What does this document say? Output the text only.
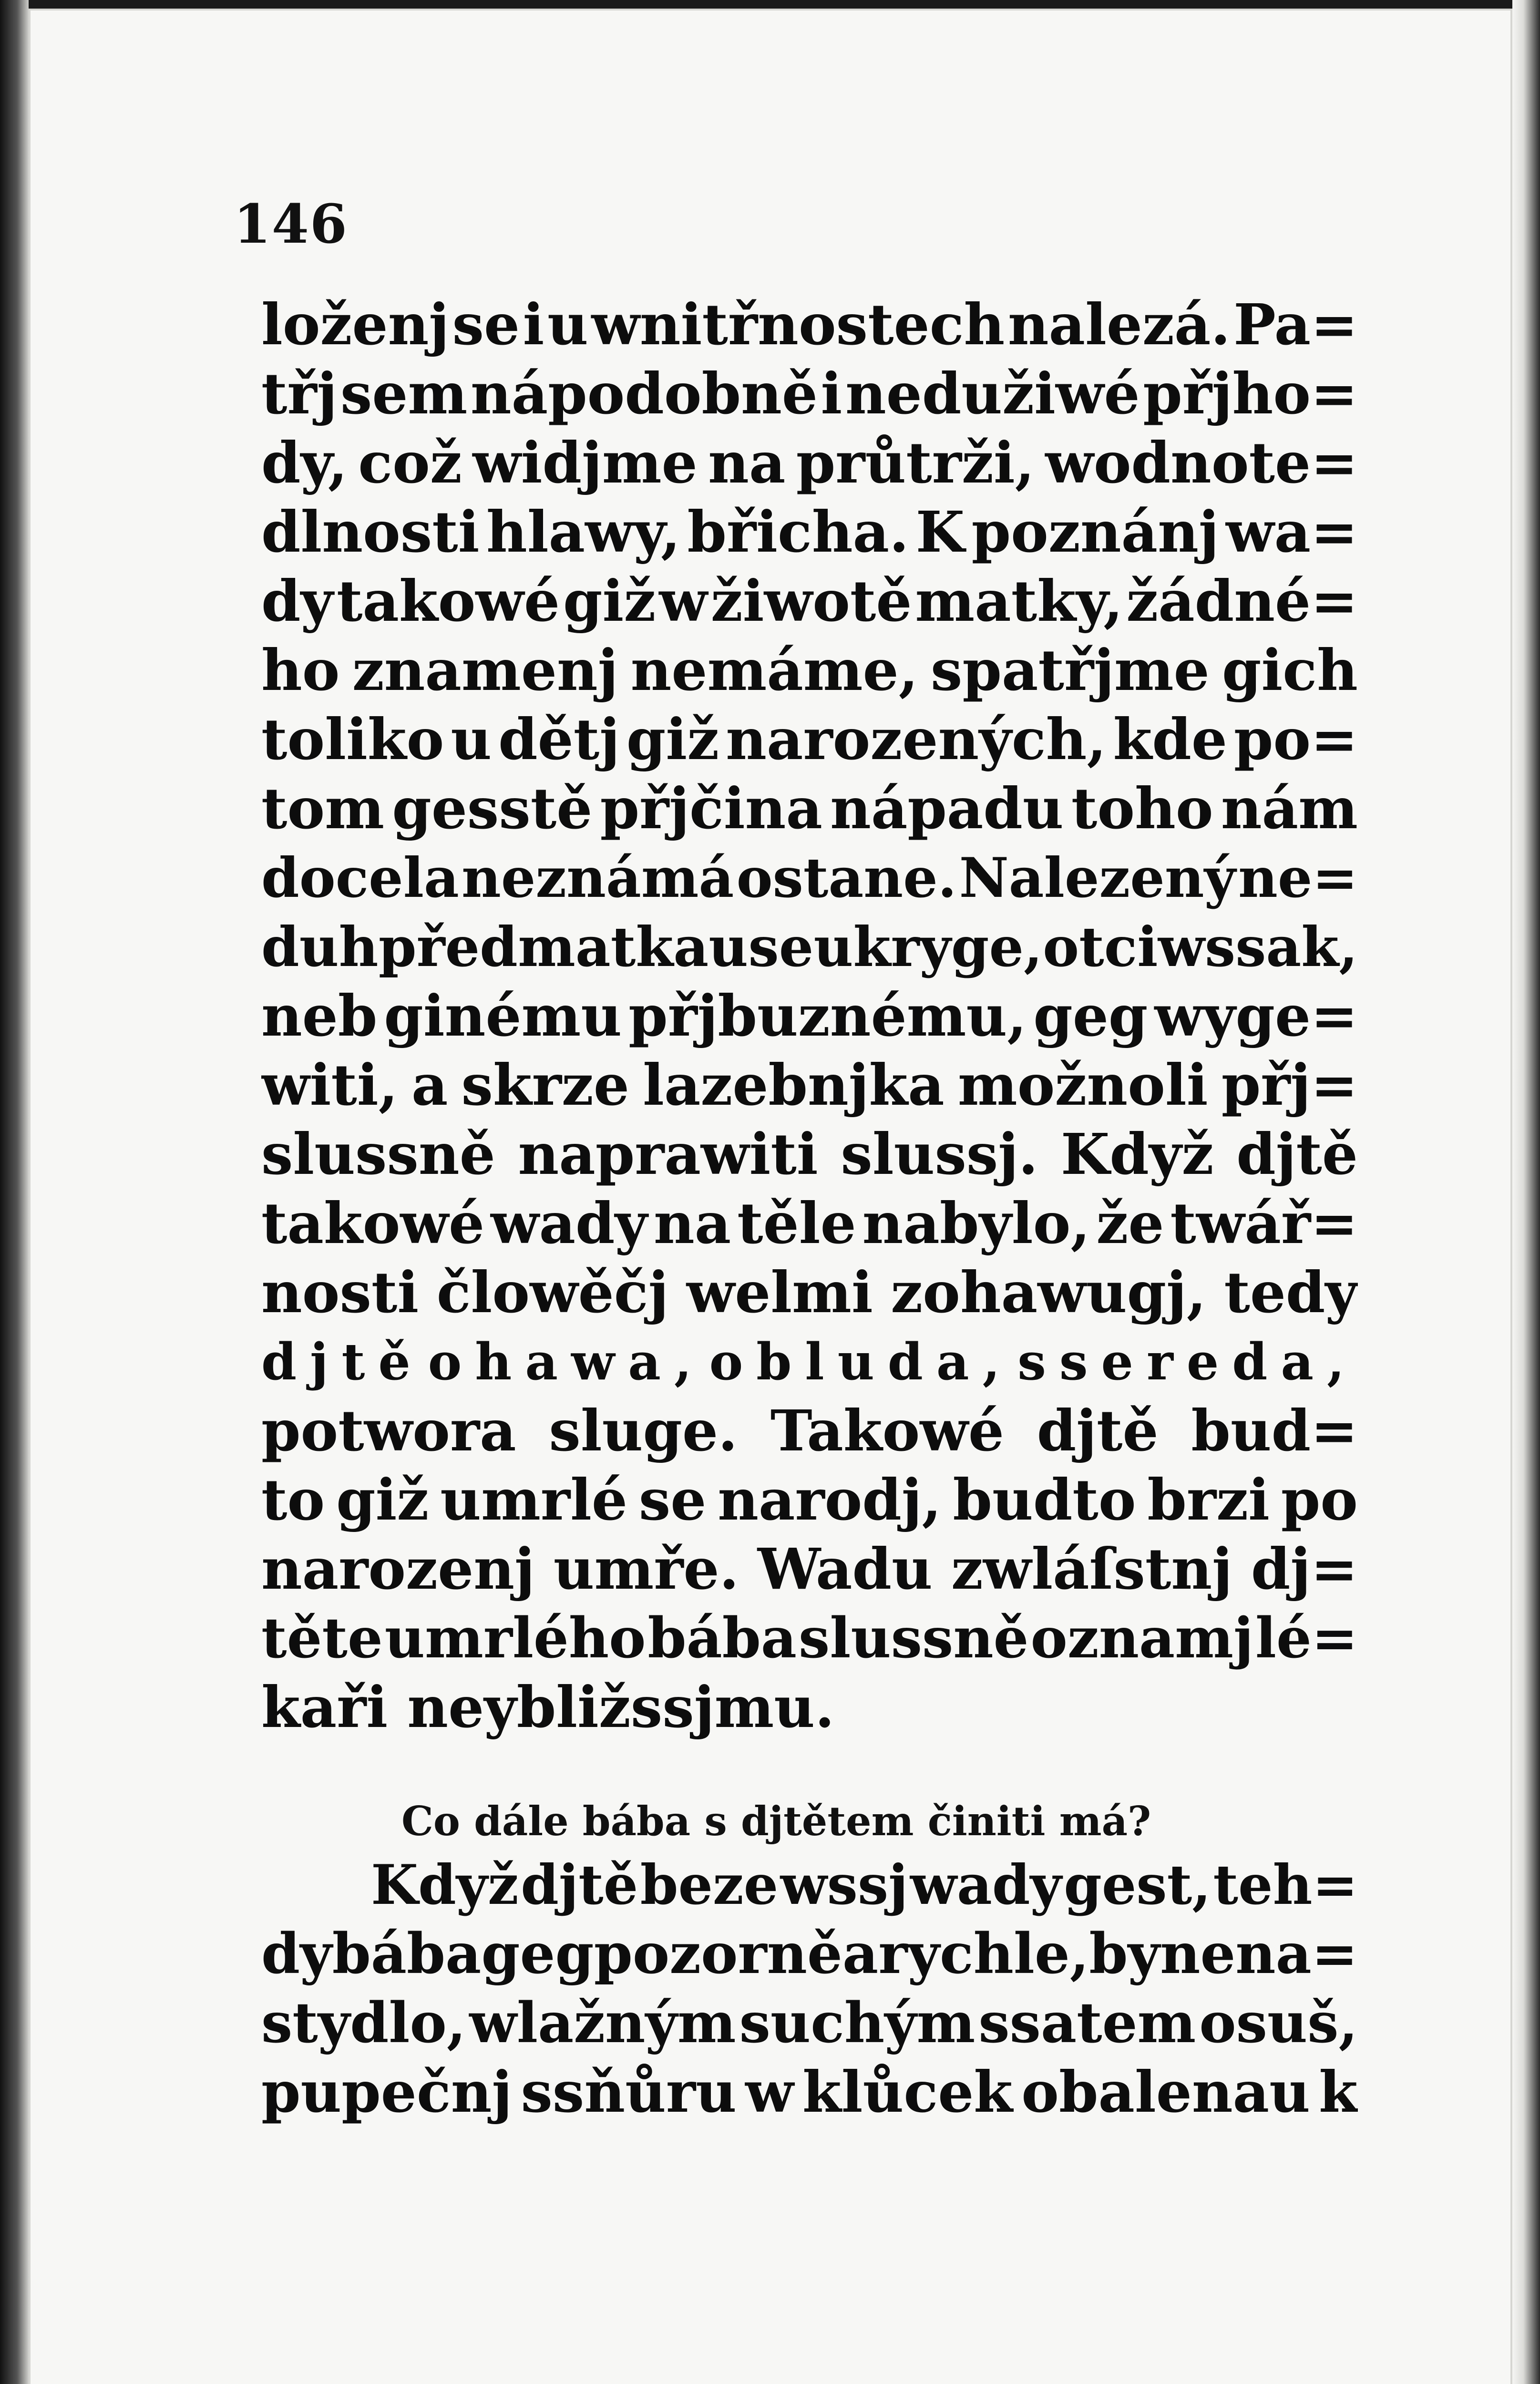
146
loženj se i u wnitřnostech nalezá. Pa=
třj sem nápodobně i nedužiwé přjho=
dy, což widjme na průtrži, wodnote=
dlnosti hlawy, břicha. K poznánj wa=
dy takowé giž w žiwotě matky, žádné=
ho znamenj nemáme, spatřjme gich
toliko u dětj giž narozených, kde po=
tom gesstě přjčina nápadu toho nám
docela neznámá ostane. Nalezený ne=
duh před matkau se ukryge, otci wssak,
neb ginému přjbuznému, geg wyge=
witi, a skrze lazebnjka možnoli přj=
slussně naprawiti slussj. Když djtě
takowé wady na těle nabylo, že twář=
nosti člowěčj welmi zohawugj, tedy
djtě ohawa, obluda, ssereda,
potwora sluge. Takowé djtě bud=
to giž umrlé se narodj, budto brzi po
narozenj umře. Wadu zwláſstnj dj=
těte umrlého bába slussně oznamj lé=
kaři neybližssjmu.
Co dále bába s djtětem činiti má?
Když djtě beze wssj wady gest, teh=
dy bába geg pozorně a rychle, by nena=
stydlo, wlažným suchým ssatem osuš,
pupečnj ssňůru w klůcek obalenau k
